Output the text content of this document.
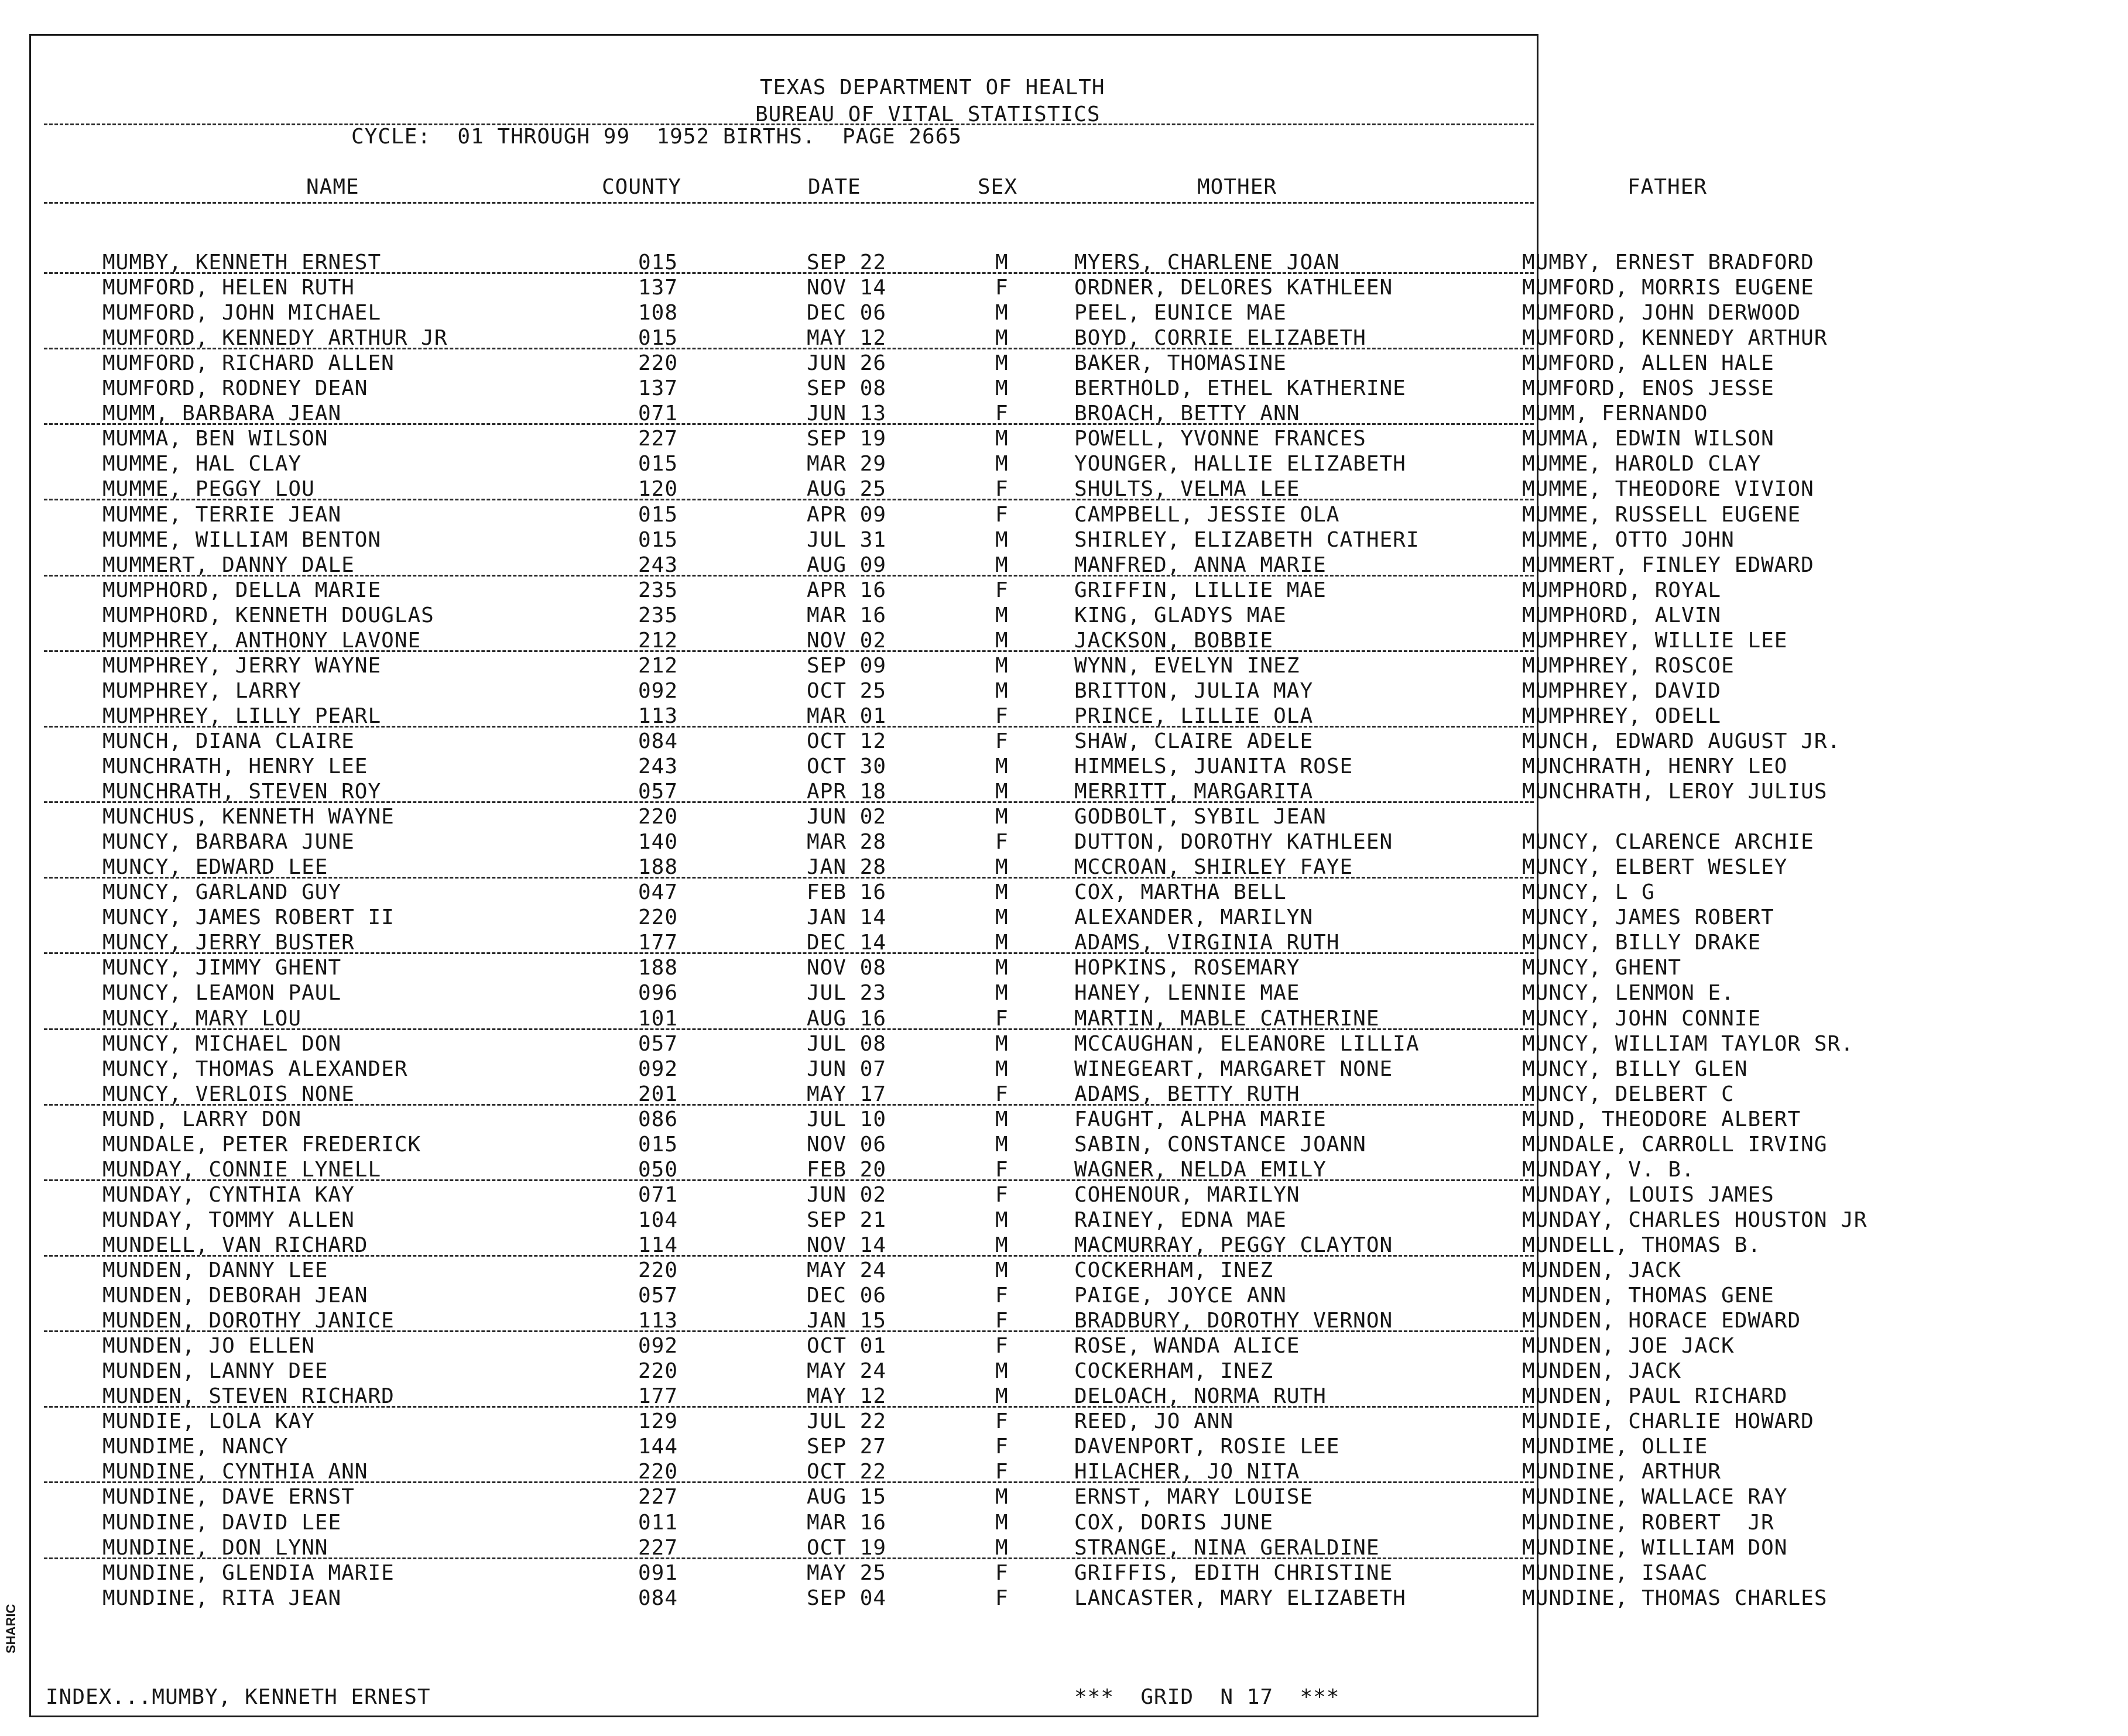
TEXAS DEPARTMENT OF HEALTH
BUREAU OF VITAL STATISTICS
CYCLE:  01 THROUGH 99  1952 BIRTHS.  PAGE 2665
NAME	COUNTY	DATE	SEX	MOTHER	FATHER
MUMBY, KENNETH ERNEST	015	SEP 22	M	MYERS, CHARLENE JOAN	MUMBY, ERNEST BRADFORD
MUMFORD, HELEN RUTH	137	NOV 14	F	ORDNER, DELORES KATHLEEN	MUMFORD, MORRIS EUGENE
MUMFORD, JOHN MICHAEL	108	DEC 06	M	PEEL, EUNICE MAE	MUMFORD, JOHN DERWOOD
MUMFORD, KENNEDY ARTHUR JR	015	MAY 12	M	BOYD, CORRIE ELIZABETH	MUMFORD, KENNEDY ARTHUR
MUMFORD, RICHARD ALLEN	220	JUN 26	M	BAKER, THOMASINE	MUMFORD, ALLEN HALE
MUMFORD, RODNEY DEAN	137	SEP 08	M	BERTHOLD, ETHEL KATHERINE	MUMFORD, ENOS JESSE
MUMM, BARBARA JEAN	071	JUN 13	F	BROACH, BETTY ANN	MUMM, FERNANDO
MUMMA, BEN WILSON	227	SEP 19	M	POWELL, YVONNE FRANCES	MUMMA, EDWIN WILSON
MUMME, HAL CLAY	015	MAR 29	M	YOUNGER, HALLIE ELIZABETH	MUMME, HAROLD CLAY
MUMME, PEGGY LOU	120	AUG 25	F	SHULTS, VELMA LEE	MUMME, THEODORE VIVION
MUMME, TERRIE JEAN	015	APR 09	F	CAMPBELL, JESSIE OLA	MUMME, RUSSELL EUGENE
MUMME, WILLIAM BENTON	015	JUL 31	M	SHIRLEY, ELIZABETH CATHERI	MUMME, OTTO JOHN
MUMMERT, DANNY DALE	243	AUG 09	M	MANFRED, ANNA MARIE	MUMMERT, FINLEY EDWARD
MUMPHORD, DELLA MARIE	235	APR 16	F	GRIFFIN, LILLIE MAE	MUMPHORD, ROYAL
MUMPHORD, KENNETH DOUGLAS	235	MAR 16	M	KING, GLADYS MAE	MUMPHORD, ALVIN
MUMPHREY, ANTHONY LAVONE	212	NOV 02	M	JACKSON, BOBBIE	MUMPHREY, WILLIE LEE
MUMPHREY, JERRY WAYNE	212	SEP 09	M	WYNN, EVELYN INEZ	MUMPHREY, ROSCOE
MUMPHREY, LARRY	092	OCT 25	M	BRITTON, JULIA MAY	MUMPHREY, DAVID
MUMPHREY, LILLY PEARL	113	MAR 01	F	PRINCE, LILLIE OLA	MUMPHREY, ODELL
MUNCH, DIANA CLAIRE	084	OCT 12	F	SHAW, CLAIRE ADELE	MUNCH, EDWARD AUGUST JR.
MUNCHRATH, HENRY LEE	243	OCT 30	M	HIMMELS, JUANITA ROSE	MUNCHRATH, HENRY LEO
MUNCHRATH, STEVEN ROY	057	APR 18	M	MERRITT, MARGARITA	MUNCHRATH, LEROY JULIUS
MUNCHUS, KENNETH WAYNE	220	JUN 02	M	GODBOLT, SYBIL JEAN
MUNCY, BARBARA JUNE	140	MAR 28	F	DUTTON, DOROTHY KATHLEEN	MUNCY, CLARENCE ARCHIE
MUNCY, EDWARD LEE	188	JAN 28	M	MCCROAN, SHIRLEY FAYE	MUNCY, ELBERT WESLEY
MUNCY, GARLAND GUY	047	FEB 16	M	COX, MARTHA BELL	MUNCY, L G
MUNCY, JAMES ROBERT II	220	JAN 14	M	ALEXANDER, MARILYN	MUNCY, JAMES ROBERT
MUNCY, JERRY BUSTER	177	DEC 14	M	ADAMS, VIRGINIA RUTH	MUNCY, BILLY DRAKE
MUNCY, JIMMY GHENT	188	NOV 08	M	HOPKINS, ROSEMARY	MUNCY, GHENT
MUNCY, LEAMON PAUL	096	JUL 23	M	HANEY, LENNIE MAE	MUNCY, LENMON E.
MUNCY, MARY LOU	101	AUG 16	F	MARTIN, MABLE CATHERINE	MUNCY, JOHN CONNIE
MUNCY, MICHAEL DON	057	JUL 08	M	MCCAUGHAN, ELEANORE LILLIA	MUNCY, WILLIAM TAYLOR SR.
MUNCY, THOMAS ALEXANDER	092	JUN 07	M	WINEGEART, MARGARET NONE	MUNCY, BILLY GLEN
MUNCY, VERLOIS NONE	201	MAY 17	F	ADAMS, BETTY RUTH	MUNCY, DELBERT C
MUND, LARRY DON	086	JUL 10	M	FAUGHT, ALPHA MARIE	MUND, THEODORE ALBERT
MUNDALE, PETER FREDERICK	015	NOV 06	M	SABIN, CONSTANCE JOANN	MUNDALE, CARROLL IRVING
MUNDAY, CONNIE LYNELL	050	FEB 20	F	WAGNER, NELDA EMILY	MUNDAY, V. B.
MUNDAY, CYNTHIA KAY	071	JUN 02	F	COHENOUR, MARILYN	MUNDAY, LOUIS JAMES
MUNDAY, TOMMY ALLEN	104	SEP 21	M	RAINEY, EDNA MAE	MUNDAY, CHARLES HOUSTON JR
MUNDELL, VAN RICHARD	114	NOV 14	M	MACMURRAY, PEGGY CLAYTON	MUNDELL, THOMAS B.
MUNDEN, DANNY LEE	220	MAY 24	M	COCKERHAM, INEZ	MUNDEN, JACK
MUNDEN, DEBORAH JEAN	057	DEC 06	F	PAIGE, JOYCE ANN	MUNDEN, THOMAS GENE
MUNDEN, DOROTHY JANICE	113	JAN 15	F	BRADBURY, DOROTHY VERNON	MUNDEN, HORACE EDWARD
MUNDEN, JO ELLEN	092	OCT 01	F	ROSE, WANDA ALICE	MUNDEN, JOE JACK
MUNDEN, LANNY DEE	220	MAY 24	M	COCKERHAM, INEZ	MUNDEN, JACK
MUNDEN, STEVEN RICHARD	177	MAY 12	M	DELOACH, NORMA RUTH	MUNDEN, PAUL RICHARD
MUNDIE, LOLA KAY	129	JUL 22	F	REED, JO ANN	MUNDIE, CHARLIE HOWARD
MUNDIME, NANCY	144	SEP 27	F	DAVENPORT, ROSIE LEE	MUNDIME, OLLIE
MUNDINE, CYNTHIA ANN	220	OCT 22	F	HILACHER, JO NITA	MUNDINE, ARTHUR
MUNDINE, DAVE ERNST	227	AUG 15	M	ERNST, MARY LOUISE	MUNDINE, WALLACE RAY
MUNDINE, DAVID LEE	011	MAR 16	M	COX, DORIS JUNE	MUNDINE, ROBERT  JR
MUNDINE, DON LYNN	227	OCT 19	M	STRANGE, NINA GERALDINE	MUNDINE, WILLIAM DON
MUNDINE, GLENDIA MARIE	091	MAY 25	F	GRIFFIS, EDITH CHRISTINE	MUNDINE, ISAAC
MUNDINE, RITA JEAN	084	SEP 04	F	LANCASTER, MARY ELIZABETH	MUNDINE, THOMAS CHARLES
INDEX...MUMBY, KENNETH ERNEST	***  GRID  N 17  ***
SHARIC
